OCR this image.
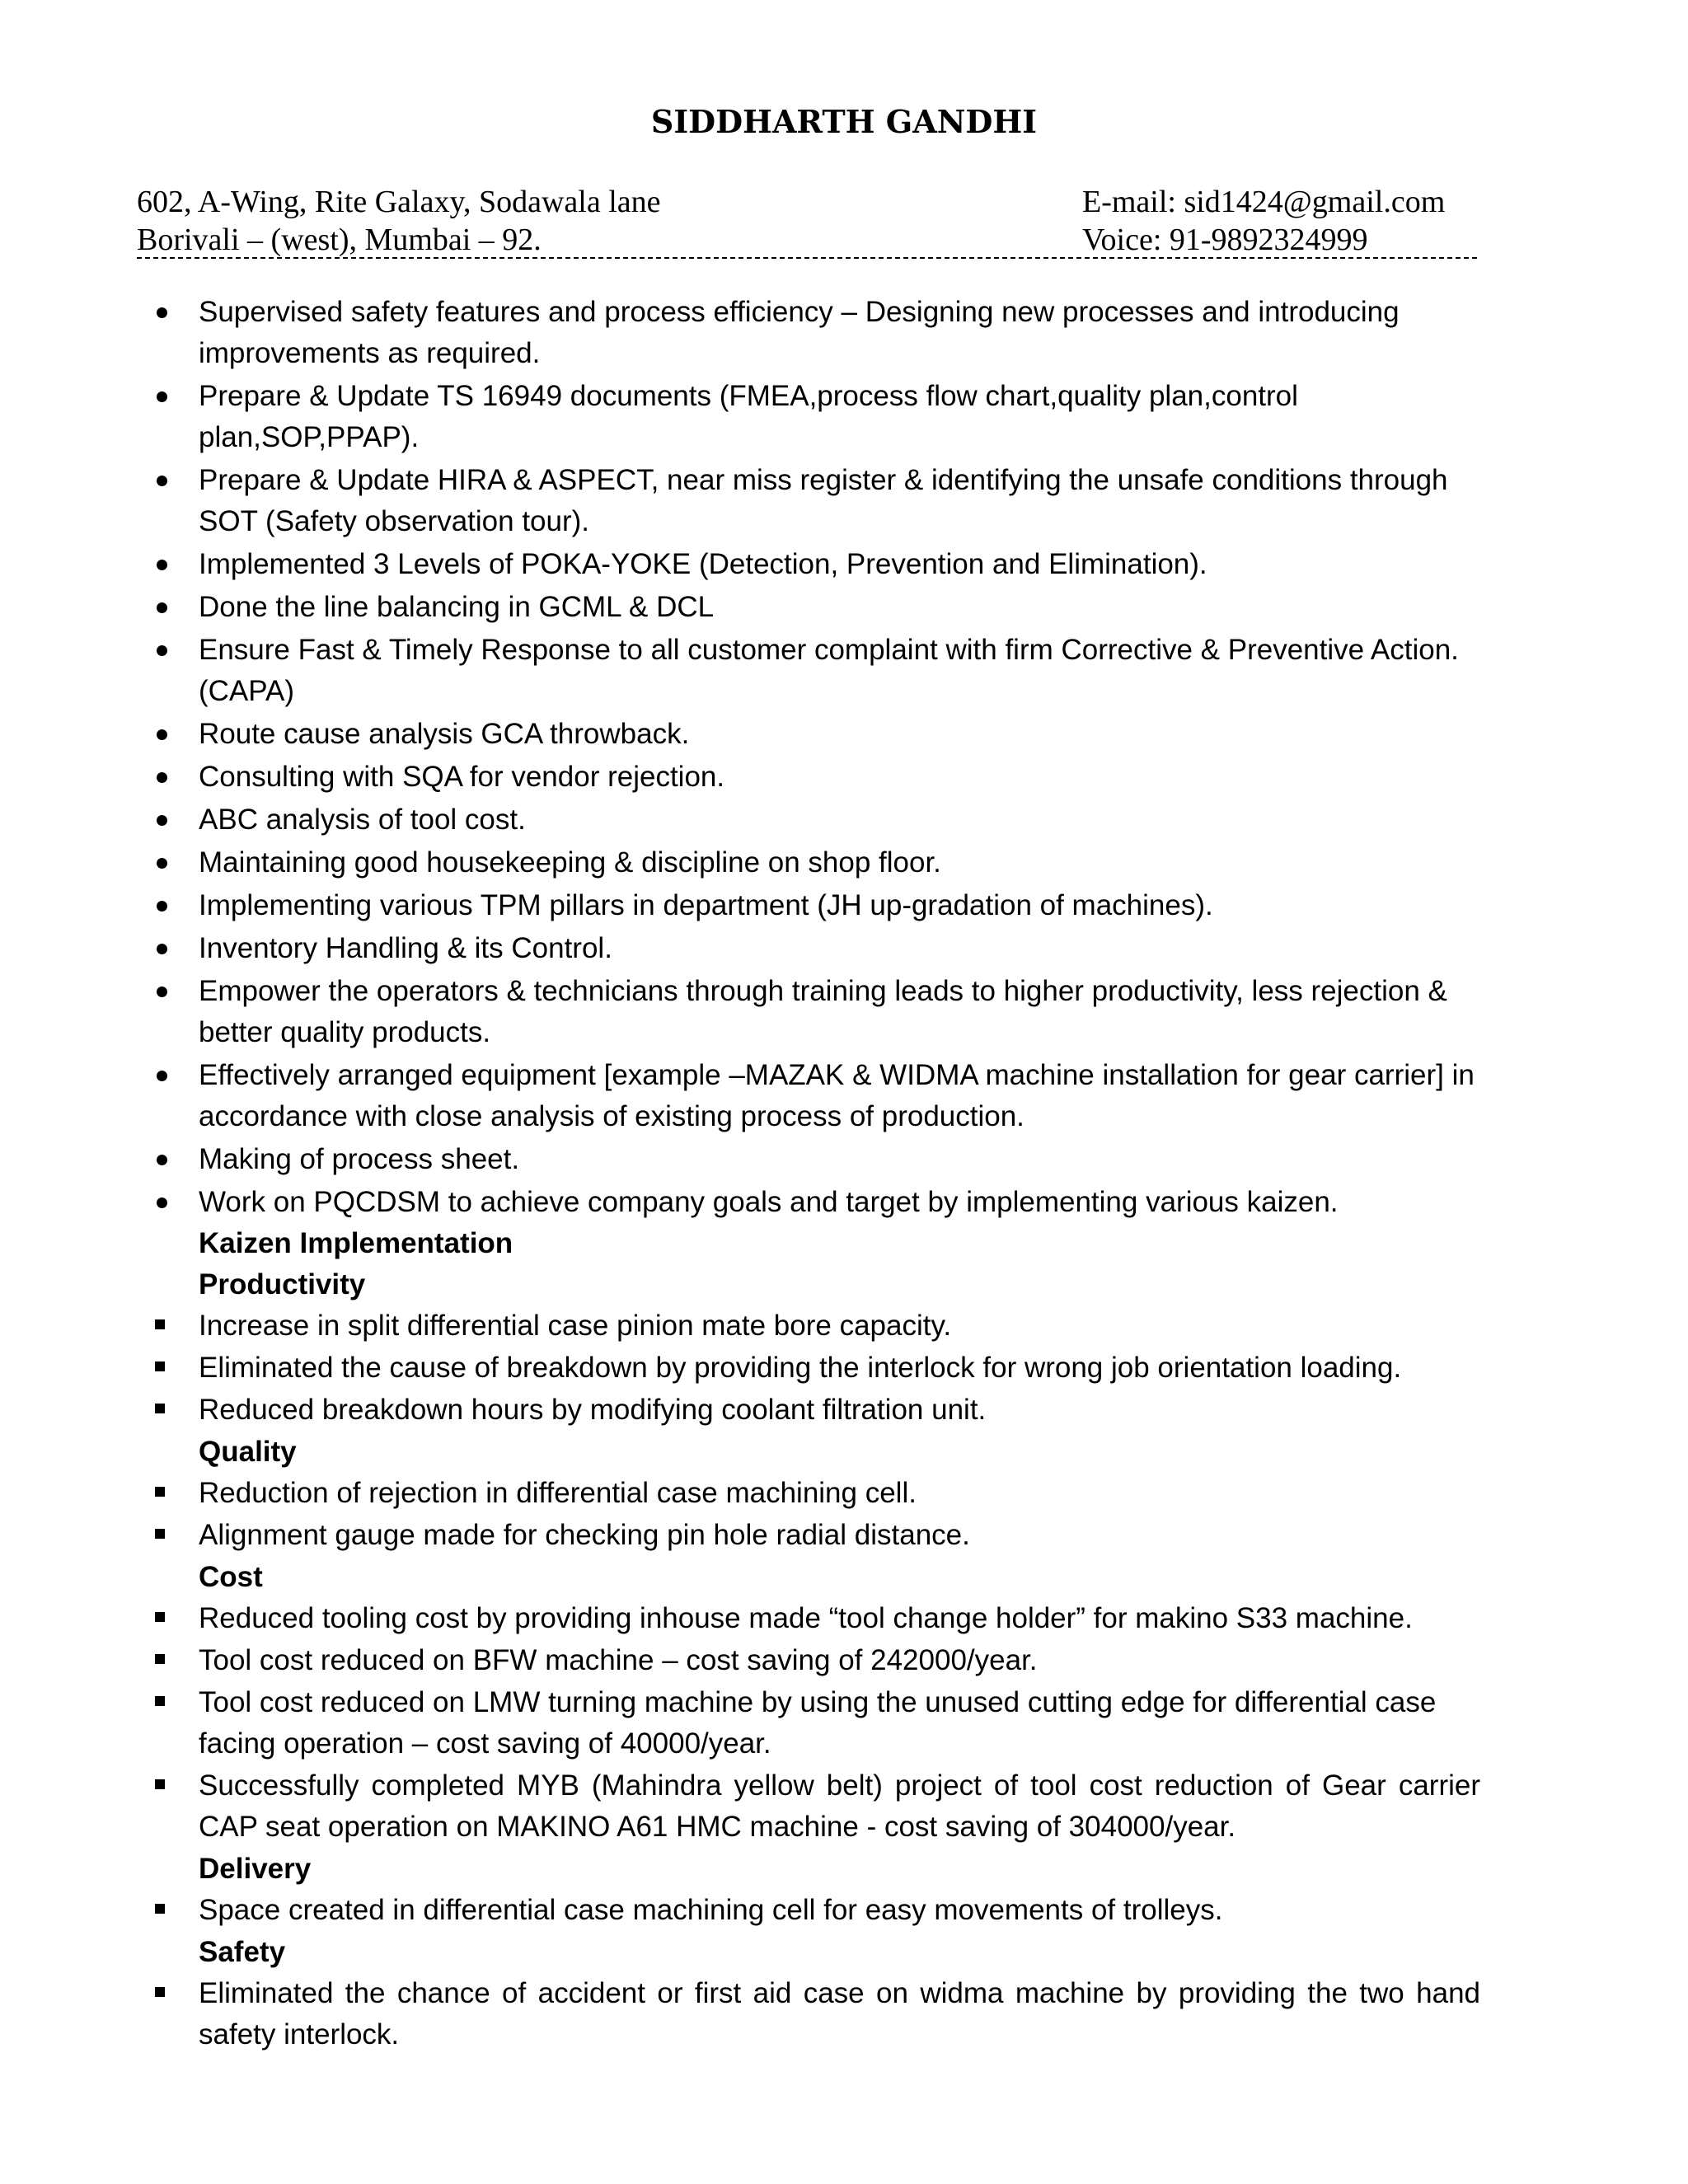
SIDDHARTH GANDHI
602, A-Wing, Rite Galaxy, Sodawala lane
Borivali – (west), Mumbai – 92.
E-mail: sid1424@gmail.com
Voice: 91-9892324999
Supervised safety features and process efficiency – Designing new processes and introducing improvements as required.
Prepare & Update TS 16949 documents (FMEA,process flow chart,quality plan,control plan,SOP,PPAP).
Prepare & Update HIRA & ASPECT, near miss register & identifying the unsafe conditions through SOT (Safety observation tour).
Implemented 3 Levels of POKA-YOKE (Detection, Prevention and Elimination).
Done the line balancing in GCML & DCL
Ensure Fast & Timely Response to all customer complaint with firm Corrective & Preventive Action. (CAPA)
Route cause analysis GCA throwback.
Consulting with SQA for vendor rejection.
ABC analysis of tool cost.
Maintaining good housekeeping & discipline on shop floor.
Implementing various TPM pillars in department (JH up-gradation of machines).
Inventory Handling & its Control.
Empower the operators & technicians through training leads to higher productivity, less rejection & better quality products.
Effectively arranged equipment [example –MAZAK & WIDMA machine installation for gear carrier] in accordance with close analysis of existing process of production.
Making of process sheet.
Work on PQCDSM to achieve company goals and target by implementing various kaizen.
Kaizen Implementation
Productivity
Increase in split differential case pinion mate bore capacity.
Eliminated the cause of breakdown by providing the interlock for wrong job orientation loading.
Reduced breakdown hours by modifying coolant filtration unit.
Quality
Reduction of rejection in differential case machining cell.
Alignment gauge made for checking pin hole radial distance.
Cost
Reduced tooling cost by providing inhouse made “tool change holder” for makino S33 machine.
Tool cost reduced on BFW machine – cost saving of 242000/year.
Tool cost reduced on LMW turning machine by using the unused cutting edge for differential case facing operation – cost saving of 40000/year.
Successfully completed MYB (Mahindra yellow belt) project of tool cost reduction of Gear carrier CAP seat operation on MAKINO A61 HMC machine - cost saving of 304000/year.
Delivery
Space created in differential case machining cell for easy movements of trolleys.
Safety
Eliminated the chance of accident or first aid case on widma machine by providing the two hand safety interlock.
